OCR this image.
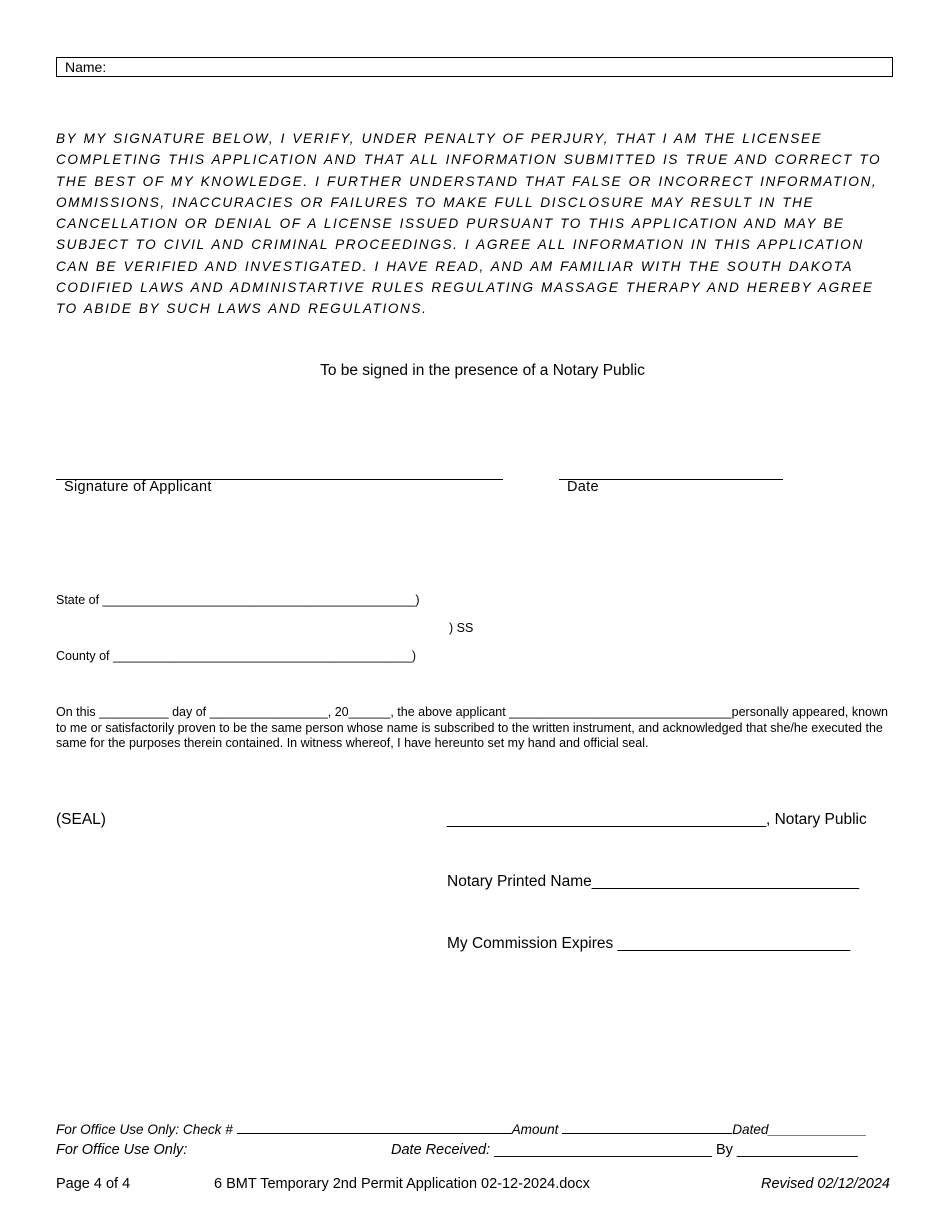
Name:
BY MY SIGNATURE BELOW, I VERIFY, UNDER PENALTY OF PERJURY, THAT I AM THE LICENSEE COMPLETING THIS APPLICATION AND THAT ALL INFORMATION SUBMITTED IS TRUE AND CORRECT TO THE BEST OF MY KNOWLEDGE. I FURTHER UNDERSTAND THAT FALSE OR INCORRECT INFORMATION, OMMISSIONS, INACCURACIES OR FAILURES TO MAKE FULL DISCLOSURE MAY RESULT IN THE CANCELLATION OR DENIAL OF A LICENSE ISSUED PURSUANT TO THIS APPLICATION AND MAY BE SUBJECT TO CIVIL AND CRIMINAL PROCEEDINGS. I AGREE ALL INFORMATION IN THIS APPLICATION CAN BE VERIFIED AND INVESTIGATED. I HAVE READ, AND AM FAMILIAR WITH THE SOUTH DAKOTA CODIFIED LAWS AND ADMINISTARTIVE RULES REGULATING MASSAGE THERAPY AND HEREBY AGREE TO ABIDE BY SUCH LAWS AND REGULATIONS.
To be signed in the presence of a Notary Public
Signature of Applicant	Date
State of _____________________________________________)
) SS
County of ___________________________________________)
On this __________ day of _________________, 20______, the above applicant ________________________________personally appeared, known to me or satisfactorily proven to be the same person whose name is subscribed to the written instrument, and acknowledged that she/he executed the same for the purposes therein contained. In witness whereof, I have hereunto set my hand and official seal.
(SEAL)	_____________________________________, Notary Public
Notary Printed Name_______________________________
My Commission Expires ___________________________
For Office Use Only: Check #	Amount	Dated_____________
For Office Use Only:	Date Received: ___________________________ By _______________
Page 4 of 4	6 BMT Temporary 2nd Permit Application 02-12-2024.docx	Revised 02/12/2024
